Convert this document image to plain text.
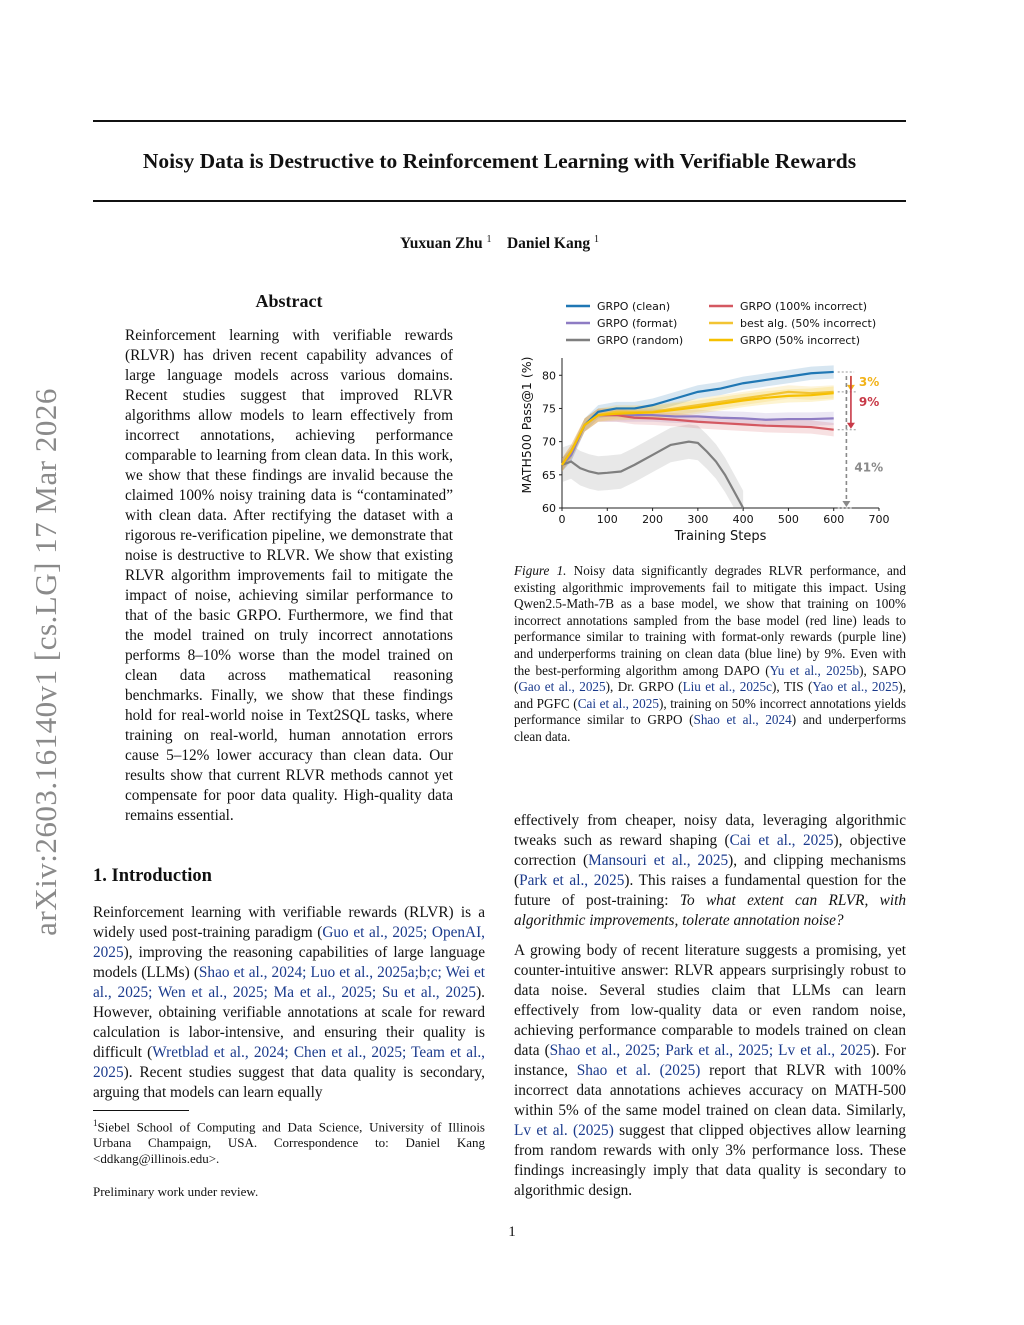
arXiv:2603.16140v1 [cs.LG] 17 Mar 2026
Noisy Data is Destructive to Reinforcement Learning with Verifiable Rewards
Yuxuan Zhu $^1$ Daniel Kang $^1$
Abstract

Reinforcement learning with verifiable rewards (RLVR) has driven recent capability advances of large language models across various domains. Recent studies suggest that improved RLVR algorithms allow models to learn effectively from incorrect annotations, achieving performance comparable to learning from clean data. In this work, we show that these findings are invalid because the claimed 100% noisy training data is “contaminated” with clean data. After rectifying the dataset with a rigorous re-verification pipeline, we demonstrate that noise is destructive to RLVR. We show that existing RLVR algorithm improvements fail to mitigate the impact of noise, achieving similar performance to that of the basic GRPO. Furthermore, we find that the model trained on truly incorrect annotations performs 8–10% worse than the model trained on clean data across mathematical reasoning benchmarks. Finally, we show that these findings hold for real-world noise in Text2SQL tasks, where training on real-world, human annotation errors cause 5–12% lower accuracy than clean data. Our results show that current RLVR methods cannot yet compensate for poor data quality. High-quality data remains essential.

1. Introduction

Reinforcement learning with verifiable rewards (RLVR) is a widely used post-training paradigm (Guo et al., 2025; OpenAI, 2025), improving the reasoning capabilities of large language models (LLMs) (Shao et al., 2024; Luo et al., 2025a;b;c; Wei et al., 2025; Wen et al., 2025; Ma et al., 2025; Su et al., 2025). However, obtaining verifiable annotations at scale for reward calculation is labor-intensive, and ensuring their quality is difficult (Wretblad et al., 2024; Chen et al., 2025; Team et al., 2025). Recent studies suggest that data quality is secondary, arguing that models can learn equally

$^1$Siebel School of Computing and Data Science, University of Illinois Urbana Champaign, USA. Correspondence to: Daniel Kang <ddkang@illinois.edu>.

Preliminary work under review.
0	100 200 300 400 500 600 700
60
65
70
75
80
Training Steps
MATH500 Pass@1 (%)
GRPO (clean)
GRPO (format)
GRPO (random)
GRPO (100% incorrect)
best alg. (50% incorrect)
GRPO (50% incorrect)
3%
9%
41%

Figure 1. Noisy data significantly degrades RLVR performance, and existing algorithmic improvements fail to mitigate this impact. Using Qwen2.5-Math-7B as a base model, we show that training on 100% incorrect annotations sampled from the base model (red line) leads to performance similar to training with format-only rewards (purple line) and underperforms training on clean data (blue line) by 9%. Even with the best-performing algorithm among DAPO (Yu et al., 2025b), SAPO (Gao et al., 2025), Dr. GRPO (Liu et al., 2025c), TIS (Yao et al., 2025), and PGFC (Cai et al., 2025), training on 50% incorrect annotations yields performance similar to GRPO (Shao et al., 2024) and underperforms clean data.

effectively from cheaper, noisy data, leveraging algorithmic tweaks such as reward shaping (Cai et al., 2025), objective correction (Mansouri et al., 2025), and clipping mechanisms (Park et al., 2025). This raises a fundamental question for the future of post-training: To what extent can RLVR, with algorithmic improvements, tolerate annotation noise?

A growing body of recent literature suggests a promising, yet counter-intuitive answer: RLVR appears surprisingly robust to data noise. Several studies claim that LLMs can learn effectively from low-quality data or even random noise, achieving performance comparable to models trained on clean data (Shao et al., 2025; Park et al., 2025; Lv et al., 2025). For instance, Shao et al. (2025) report that RLVR with 100% incorrect data annotations achieves accuracy on MATH-500 within 5% of the same model trained on clean data. Similarly, Lv et al. (2025) suggest that clipped objectives allow learning from random rewards with only 3% performance loss. These findings increasingly imply that data quality is secondary to algorithmic design.

1
